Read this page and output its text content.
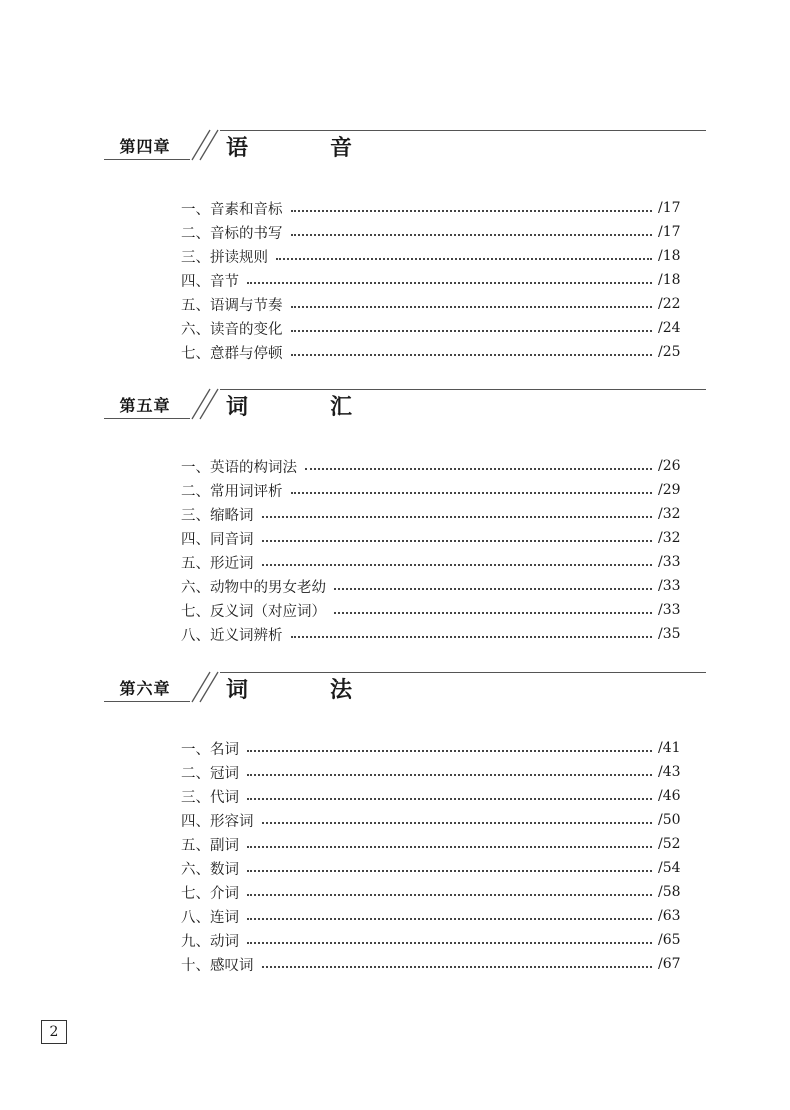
第四章	语	音
一、音素和音标	/17
二、音标的书写	/17
三、拼读规则	/18
四、音节	/18
五、语调与节奏	/22
六、读音的变化	/24
七、意群与停顿	/25
第五章	词	汇
一、英语的构词法	/26
二、常用词评析	/29
三、缩略词	/32
四、同音词	/32
五、形近词	/33
六、动物中的男女老幼	/33
七、反义词（对应词）	/33
八、近义词辨析	/35
第六章	词	法
一、名词	/41
二、冠词	/43
三、代词	/46
四、形容词	/50
五、副词	/52
六、数词	/54
七、介词	/58
八、连词	/63
九、动词	/65
十、感叹词	/67
2
